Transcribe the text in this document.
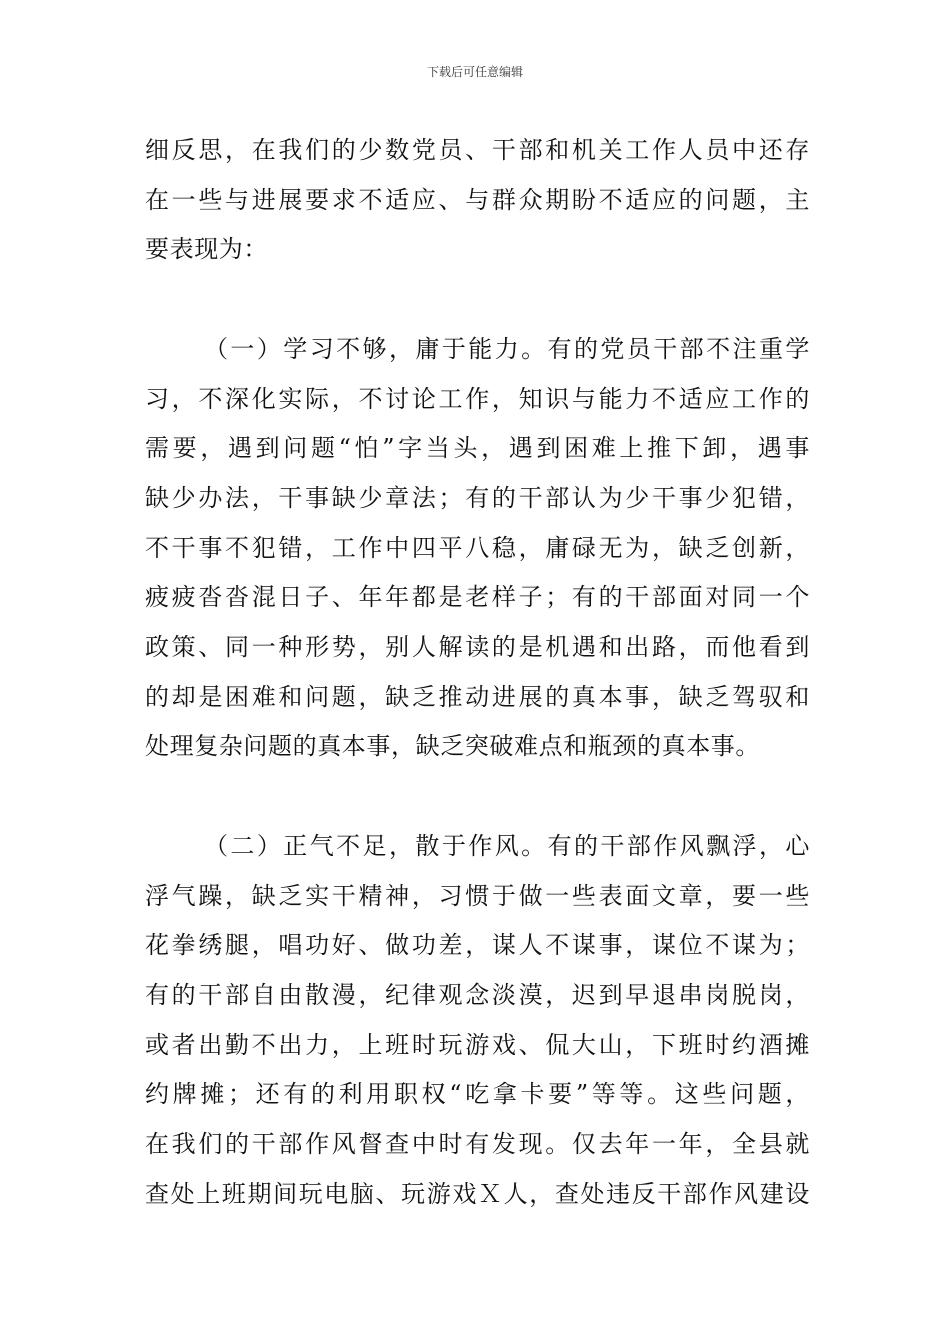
下载后可任意编辑
细反思，在我们的少数党员、干部和机关工作人员中还存
在一些与进展要求不适应、与群众期盼不适应的问题，主
要表现为：
（一）学习不够，庸于能力。有的党员干部不注重学
习，不深化实际，不讨论工作，知识与能力不适应工作的
需要，遇到问题“怕”字当头，遇到困难上推下卸，遇事
缺少办法，干事缺少章法；有的干部认为少干事少犯错，
不干事不犯错，工作中四平八稳，庸碌无为，缺乏创新，
疲疲沓沓混日子、年年都是老样子；有的干部面对同一个
政策、同一种形势，别人解读的是机遇和出路，而他看到
的却是困难和问题，缺乏推动进展的真本事，缺乏驾驭和
处理复杂问题的真本事，缺乏突破难点和瓶颈的真本事。
（二）正气不足，散于作风。有的干部作风飘浮，心
浮气躁，缺乏实干精神，习惯于做一些表面文章，要一些
花拳绣腿，唱功好、做功差，谋人不谋事，谋位不谋为；
有的干部自由散漫，纪律观念淡漠，迟到早退串岗脱岗，
或者出勤不出力，上班时玩游戏、侃大山，下班时约酒摊
约牌摊；还有的利用职权“吃拿卡要”等等。这些问题，
在我们的干部作风督查中时有发现。仅去年一年，全县就
查处上班期间玩电脑、玩游戏Ｘ人，查处违反干部作风建设
